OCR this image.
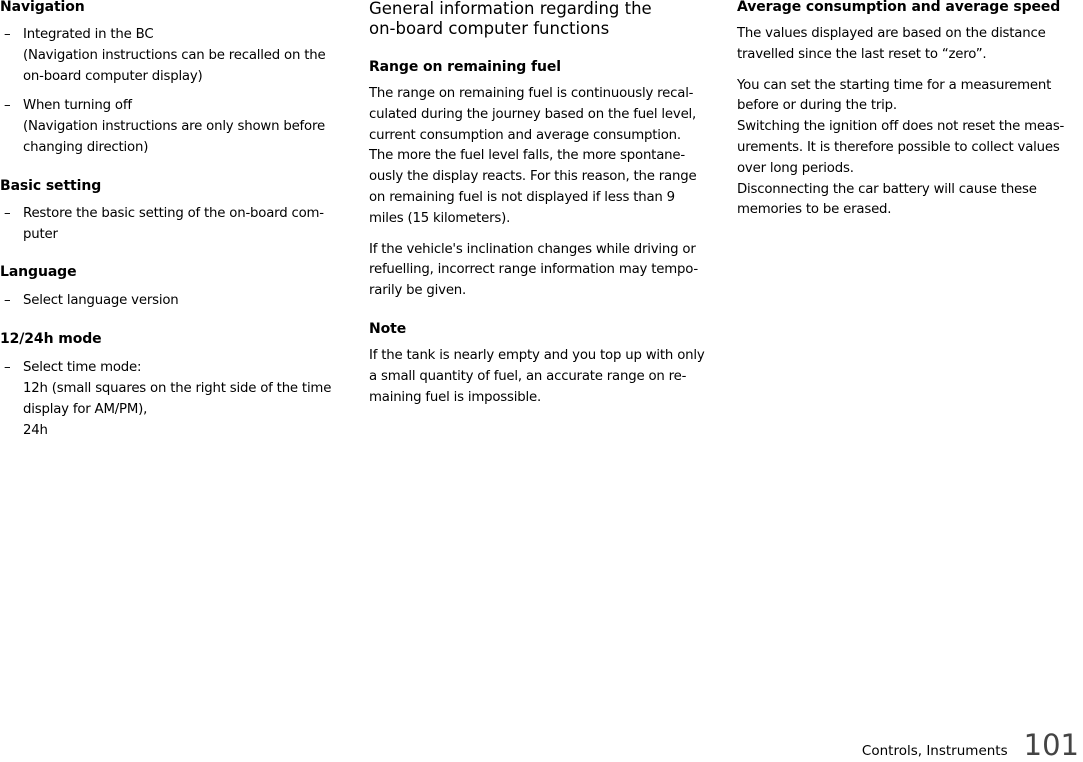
Navigation
– Integrated in the BC
(Navigation instructions can be recalled on the
on-board computer display)
– When turning off
(Navigation instructions are only shown before
changing direction)
Basic setting
– Restore the basic setting of the on-board com-
puter
Language
– Select language version
12/24h mode
– Select time mode:
12h (small squares on the right side of the time
display for AM/PM),
24h
General information regarding the
on-board computer functions
Range on remaining fuel

The range on remaining fuel is continuously recal-
culated during the journey based on the fuel level,
current consumption and average consumption.
The more the fuel level falls, the more spontane-
ously the display reacts. For this reason, the range
on remaining fuel is not displayed if less than 9
miles (15 kilometers).

If the vehicle's inclination changes while driving or
refuelling, incorrect range information may tempo-
rarily be given.

Note

If the tank is nearly empty and you top up with only
a small quantity of fuel, an accurate range on re-
maining fuel is impossible.

Average consumption and average speed

The values displayed are based on the distance
travelled since the last reset to “zero”.

You can set the starting time for a measurement
before or during the trip.
Switching the ignition off does not reset the meas-
urements. It is therefore possible to collect values
over long periods.
Disconnecting the car battery will cause these
memories to be erased.

Controls, Instruments 101
